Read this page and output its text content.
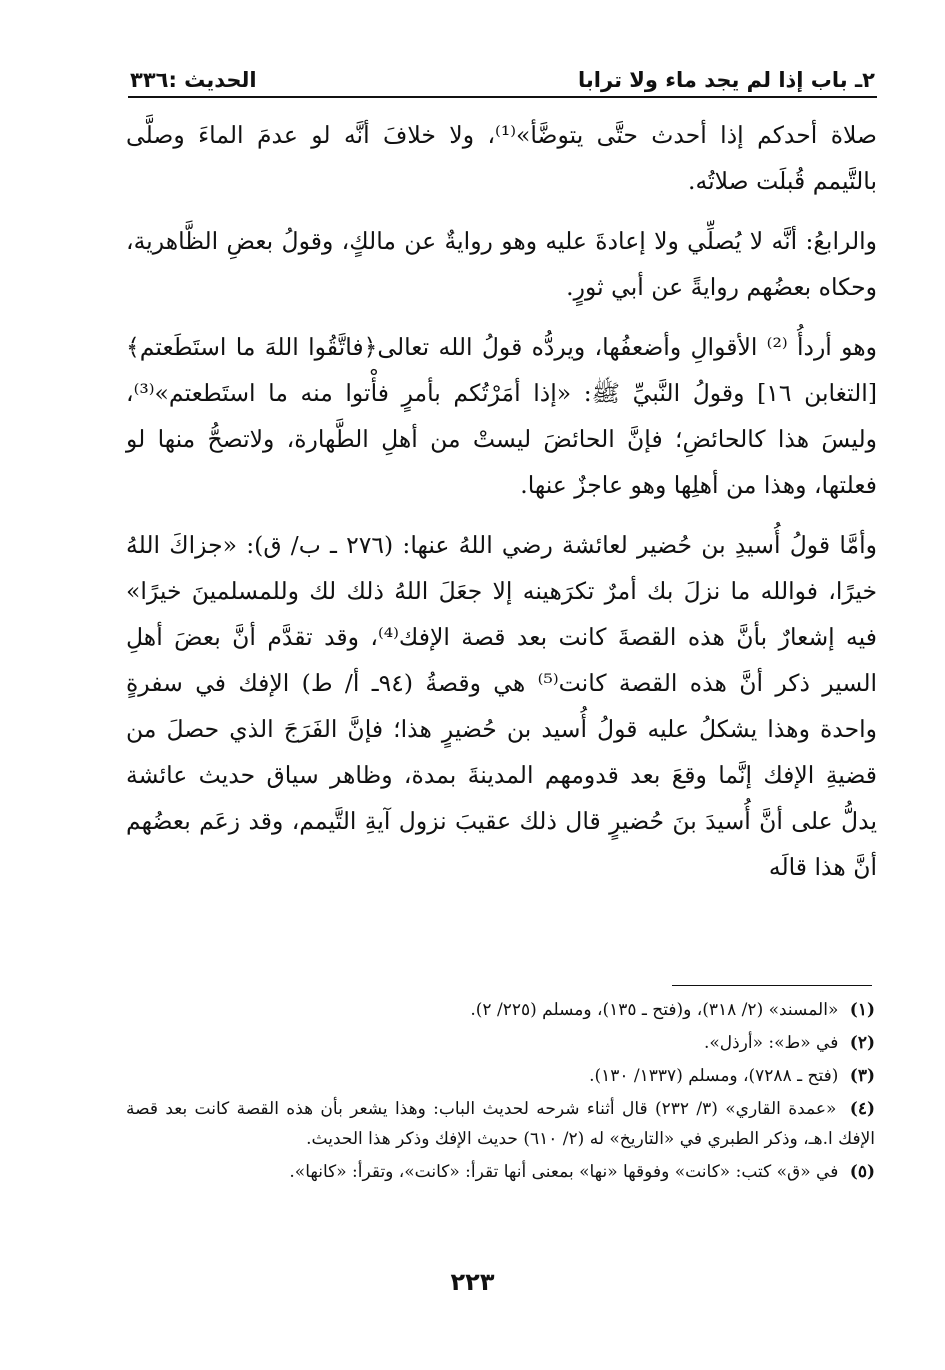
٢ـ باب إذا لم يجد ماء ولا ترابا
الحديث :٣٣٦

صلاة أحدكم إذا أحدث حتَّى يتوضَّأ»⁽¹⁾، ولا خلافَ أنَّه لو عدمَ الماءَ وصلَّى بالتَّيمم قُبلَت صلاتُه.

والرابعُ: أنَّه لا يُصلِّي ولا إعادةَ عليه وهو روايةٌ عن مالكٍ، وقولُ بعضِ الظَّاهرية، وحكاه بعضُهم روايةً عن أبي ثورٍ.

وهو أردأُ ⁽²⁾ الأقوالِ وأضعفُها، ويردُّه قولُ الله تعالى﴿فاتَّقُوا اللهَ ما استَطَعتم﴾ [التغابن ١٦] وقولُ النَّبيِّ ﷺ: «إذا أمَرْتُكم بأمرٍ فأْتوا منه ما استَطعتم»⁽³⁾، وليسَ هذا كالحائضِ؛ فإنَّ الحائضَ ليستْ من أهلِ الطَّهارة، ولاتصحُّ منها لو فعلتها، وهذا من أهلِها وهو عاجزٌ عنها.

وأمَّا قولُ أُسيدِ بن حُضير لعائشة رضي اللهُ عنها: (٢٧٦ ـ ب/ ق): «جزاكَ اللهُ خيرًا، فوالله ما نزلَ بك أمرٌ تكرَهينه إلا جعَلَ اللهُ ذلك لك وللمسلمينَ خيرًا» فيه إشعارٌ بأنَّ هذه القصةَ كانت بعد قصة الإفك⁽⁴⁾، وقد تقدَّم أنَّ بعضَ أهلِ السير ذكر أنَّ هذه القصة كانت⁽⁵⁾ هي وقصةُ (٩٤ـ أ/ ط) الإفك في سفرةٍ واحدة وهذا يشكلُ عليه قولُ أُسيد بن حُضيرٍ هذا؛ فإنَّ الفَرَجَ الذي حصلَ من قضيةِ الإفك إنَّما وقعَ بعد قدومهم المدينةَ بمدة، وظاهر سياق حديث عائشة يدلُّ على أنَّ أُسيدَ بنَ حُضيرٍ قال ذلك عقيبَ نزول آيةِ التَّيمم، وقد زعَم بعضُهم أنَّ هذا قالَه

(١) «المسند» (٢/ ٣١٨)، و(فتح ـ ١٣٥)، ومسلم (٢٢٥/ ٢).
(٢) في «ط»: «أرذل».
(٣) (فتح ـ ٧٢٨٨)، ومسلم (١٣٣٧/ ١٣٠).
(٤) «عمدة القاري» (٣/ ٢٣٢) قال أثناء شرحه لحديث الباب: وهذا يشعر بأن هذه القصة كانت بعد قصة الإفك ا.هـ، وذكر الطبري في «التاريخ» له (٢/ ٦١٠) حديث الإفك وذكر هذا الحديث.
(٥) في «ق» كتب: «كانت» وفوقها «نها» بمعنى أنها تقرأ: «كانت»، وتقرأ: «كانها».
٢٢٣
